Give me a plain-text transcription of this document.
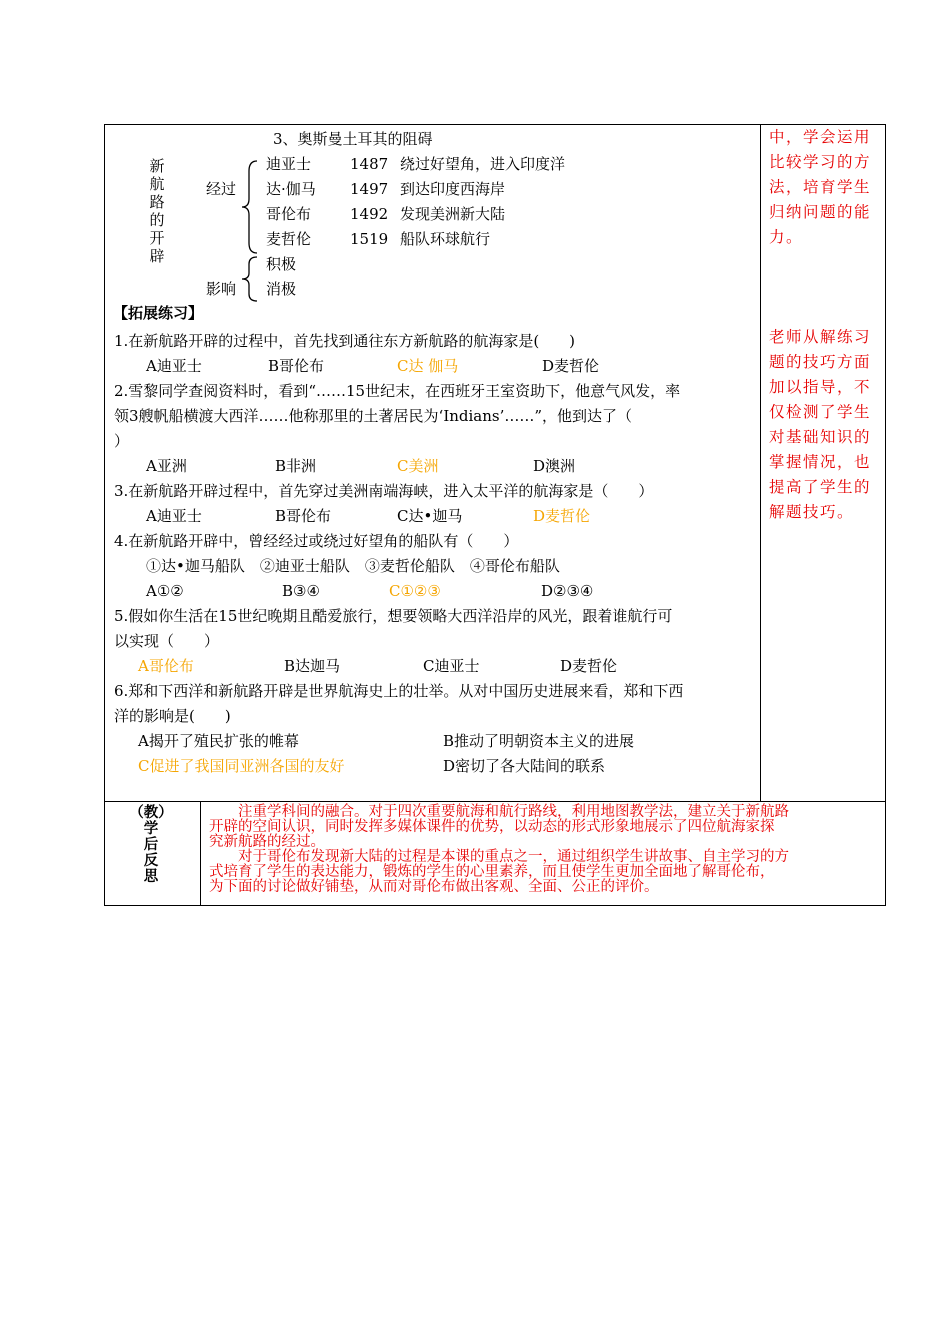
3、奥斯曼土耳其的阻碍
新
航
路
的
开
辟
经过
迪亚士	1487 绕过好望角，进入印度洋
达·伽马 1497 到达印度西海岸
哥伦布	1492 发现美洲新大陆
麦哲伦	1519 船队环球航行
影响
积极
消极
【拓展练习】
1.在新航路开辟的过程中，首先找到通往东方新航路的航海家是(　　)
A迪亚士	B哥伦布	C达 伽马	D麦哲伦
2.雪黎同学查阅资料时，看到“……15世纪末，在西班牙王室资助下，他意气风发，率
领3艘帆船横渡大西洋……他称那里的土著居民为‘Indians’……”，他到达了（
）
A亚洲	B非洲	C美洲	D澳洲
3.在新航路开辟过程中，首先穿过美洲南端海峡，进入太平洋的航海家是（　　）
A迪亚士	B哥伦布	C达•迦马	D麦哲伦
4.在新航路开辟中，曾经经过或绕过好望角的船队有（　　）
①达•迦马船队　②迪亚士船队　③麦哲伦船队　④哥伦布船队
A①②	B③④	C①②③	D②③④
5.假如你生活在15世纪晚期且酷爱旅行，想要领略大西洋沿岸的风光，跟着谁航行可
以实现（　　）
A哥伦布	B达迦马	C迪亚士	D麦哲伦
6.郑和下西洋和新航路开辟是世界航海史上的壮举。从对中国历史进展来看，郑和下西
洋的影响是(　　)
A揭开了殖民扩张的帷幕	B推动了明朝资本主义的进展
C促进了我国同亚洲各国的友好	D密切了各大陆间的联系
中，学会运用
比较学习的方
法，培育学生
归纳问题的能
力。
老师从解练习
题的技巧方面
加以指导，不
仅检测了学生
对基础知识的
掌握情况，也
提高了学生的
解题技巧。
（教）
学
后
反
思
　　注重学科间的融合。对于四次重要航海和航行路线，利用地图教学法，建立关于新航路
开辟的空间认识，同时发挥多媒体课件的优势，以动态的形式形象地展示了四位航海家探
究新航路的经过。
　　对于哥伦布发现新大陆的过程是本课的重点之一，通过组织学生讲故事、自主学习的方
式培育了学生的表达能力，锻炼的学生的心里素养，而且使学生更加全面地了解哥伦布，
为下面的讨论做好铺垫，从而对哥伦布做出客观、全面、公正的评价。
